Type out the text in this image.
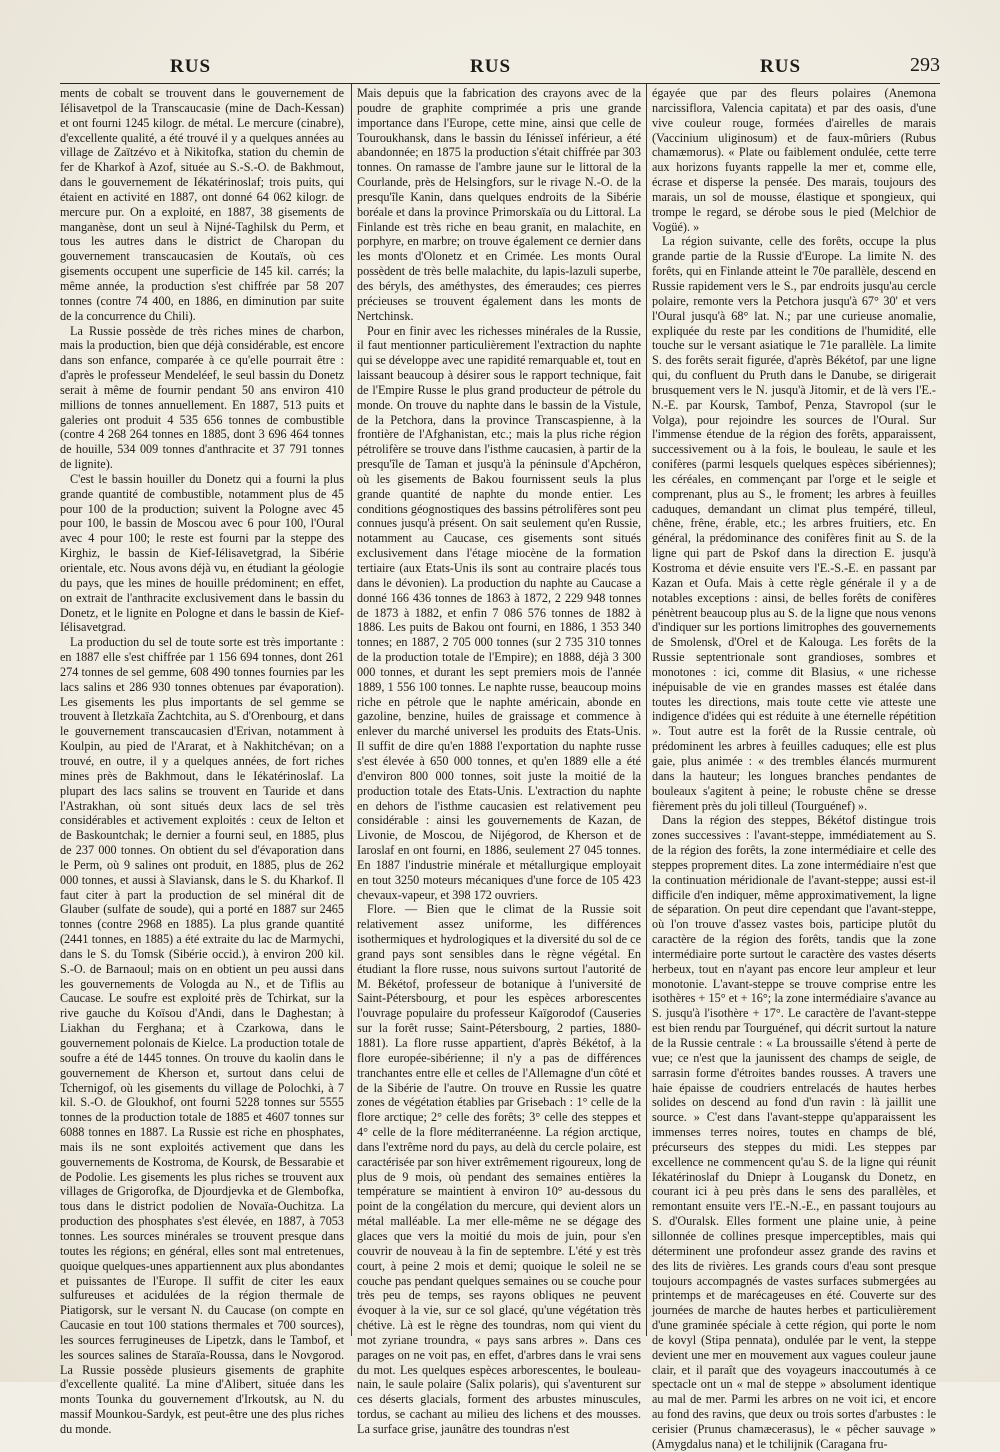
RUS	RUS	RUS	293

ments de cobalt se trouvent dans le gouvernement de Iélisavetpol de la Transcaucasie (mine de Dach-Kessan) et ont fourni 1245 kilogr. de métal. Le mercure (cinabre), d'excellente qualité, a été trouvé il y a quelques années au village de Zaïtzévo et à Nikitofka, station du chemin de fer de Kharkof à Azof, située au S.-S.-O. de Bakhmout, dans le gouvernement de Iékatérinoslaf; trois puits, qui étaient en activité en 1887, ont donné 64 062 kilogr. de mercure pur. On a exploité, en 1887, 38 gisements de manganèse, dont un seul à Nijné-Taghilsk du Perm, et tous les autres dans le district de Charopan du gouvernement transcaucasien de Koutaïs, où ces gisements occupent une superficie de 145 kil. carrés; la même année, la production s'est chiffrée par 58 207 tonnes (contre 74 400, en 1886, en diminution par suite de la concurrence du Chili).

La Russie possède de très riches mines de charbon, mais la production, bien que déjà considérable, est encore dans son enfance, comparée à ce qu'elle pourrait être : d'après le professeur Mendeléef, le seul bassin du Donetz serait à même de fournir pendant 50 ans environ 410 millions de tonnes annuellement. En 1887, 513 puits et galeries ont produit 4 535 656 tonnes de combustible (contre 4 268 264 tonnes en 1885, dont 3 696 464 tonnes de houille, 534 009 tonnes d'anthracite et 37 791 tonnes de lignite).

C'est le bassin houiller du Donetz qui a fourni la plus grande quantité de combustible, notamment plus de 45 pour 100 de la production; suivent la Pologne avec 45 pour 100, le bassin de Moscou avec 6 pour 100, l'Oural avec 4 pour 100; le reste est fourni par la steppe des Kirghiz, le bassin de Kief-Iélisavetgrad, la Sibérie orientale, etc. Nous avons déjà vu, en étudiant la géologie du pays, que les mines de houille prédominent; en effet, on extrait de l'anthracite exclusivement dans le bassin du Donetz, et le lignite en Pologne et dans le bassin de Kief-Iélisavetgrad.

La production du sel de toute sorte est très importante : en 1887 elle s'est chiffrée par 1 156 694 tonnes, dont 261 274 tonnes de sel gemme, 608 490 tonnes fournies par les lacs salins et 286 930 tonnes obtenues par évaporation). Les gisements les plus importants de sel gemme se trouvent à Iletzkaïa Zachtchita, au S. d'Orenbourg, et dans le gouvernement transcaucasien d'Erivan, notamment à Koulpin, au pied de l'Ararat, et à Nakhitchévan; on a trouvé, en outre, il y a quelques années, de fort riches mines près de Bakhmout, dans le Iékatérinoslaf. La plupart des lacs salins se trouvent en Tauride et dans l'Astrakhan, où sont situés deux lacs de sel très considérables et activement exploités : ceux de Ielton et de Baskountchak; le dernier a fourni seul, en 1885, plus de 237 000 tonnes. On obtient du sel d'évaporation dans le Perm, où 9 salines ont produit, en 1885, plus de 262 000 tonnes, et aussi à Slaviansk, dans le S. du Kharkof. Il faut citer à part la production de sel minéral dit de Glauber (sulfate de soude), qui a porté en 1887 sur 2465 tonnes (contre 2968 en 1885). La plus grande quantité (2441 tonnes, en 1885) a été extraite du lac de Marmychi, dans le S. du Tomsk (Sibérie occid.), à environ 200 kil. S.-O. de Barnaoul; mais on en obtient un peu aussi dans les gouvernements de Vologda au N., et de Tiflis au Caucase. Le soufre est exploité près de Tchirkat, sur la rive gauche du Koïsou d'Andi, dans le Daghestan; à Liakhan du Ferghana; et à Czarkowa, dans le gouvernement polonais de Kielce. La production totale de soufre a été de 1445 tonnes. On trouve du kaolin dans le gouvernement de Kherson et, surtout dans celui de Tchernigof, où les gisements du village de Polochki, à 7 kil. S.-O. de Gloukhof, ont fourni 5228 tonnes sur 5555 tonnes de la production totale de 1885 et 4607 tonnes sur 6088 tonnes en 1887. La Russie est riche en phosphates, mais ils ne sont exploités activement que dans les gouvernements de Kostroma, de Koursk, de Bessarabie et de Podolie. Les gisements les plus riches se trouvent aux villages de Grigorofka, de Djourdjevka et de Glembofka, tous dans le district podolien de Novaïa-Ouchitza. La production des phosphates s'est élevée, en 1887, à 7053 tonnes. Les sources minérales se trouvent presque dans toutes les régions; en général, elles sont mal entretenues, quoique quelques-unes appartiennent aux plus abondantes et puissantes de l'Europe. Il suffit de citer les eaux sulfureuses et acidulées de la région thermale de Piatigorsk, sur le versant N. du Caucase (on compte en Caucasie en tout 100 stations thermales et 700 sources), les sources ferrugineuses de Lipetzk, dans le Tambof, et les sources salines de Staraïa-Roussa, dans le Novgorod. La Russie possède plusieurs gisements de graphite d'excellente qualité. La mine d'Alibert, située dans les monts Tounka du gouvernement d'Irkoutsk, au N. du massif Mounkou-Sardyk, est peut-être une des plus riches du monde.

Mais depuis que la fabrication des crayons avec de la poudre de graphite comprimée a pris une grande importance dans l'Europe, cette mine, ainsi que celle de Touroukhansk, dans le bassin du Iénisseï inférieur, a été abandonnée; en 1875 la production s'était chiffrée par 303 tonnes. On ramasse de l'ambre jaune sur le littoral de la Courlande, près de Helsingfors, sur le rivage N.-O. de la presqu'île Kanin, dans quelques endroits de la Sibérie boréale et dans la province Primorskaïa ou du Littoral. La Finlande est très riche en beau granit, en malachite, en porphyre, en marbre; on trouve également ce dernier dans les monts d'Olonetz et en Crimée. Les monts Oural possèdent de très belle malachite, du lapis-lazuli superbe, des béryls, des améthystes, des émeraudes; ces pierres précieuses se trouvent également dans les monts de Nertchinsk.

Pour en finir avec les richesses minérales de la Russie, il faut mentionner particulièrement l'extraction du naphte qui se développe avec une rapidité remarquable et, tout en laissant beaucoup à désirer sous le rapport technique, fait de l'Empire Russe le plus grand producteur de pétrole du monde. On trouve du naphte dans le bassin de la Vistule, de la Petchora, dans la province Transcaspienne, à la frontière de l'Afghanistan, etc.; mais la plus riche région pétrolifère se trouve dans l'isthme caucasien, à partir de la presqu'île de Taman et jusqu'à la péninsule d'Apchéron, où les gisements de Bakou fournissent seuls la plus grande quantité de naphte du monde entier. Les conditions géognostiques des bassins pétrolifères sont peu connues jusqu'à présent. On sait seulement qu'en Russie, notamment au Caucase, ces gisements sont situés exclusivement dans l'étage miocène de la formation tertiaire (aux Etats-Unis ils sont au contraire placés tous dans le dévonien). La production du naphte au Caucase a donné 166 436 tonnes de 1863 à 1872, 2 229 948 tonnes de 1873 à 1882, et enfin 7 086 576 tonnes de 1882 à 1886. Les puits de Bakou ont fourni, en 1886, 1 353 340 tonnes; en 1887, 2 705 000 tonnes (sur 2 735 310 tonnes de la production totale de l'Empire); en 1888, déjà 3 300 000 tonnes, et durant les sept premiers mois de l'année 1889, 1 556 100 tonnes. Le naphte russe, beaucoup moins riche en pétrole que le naphte américain, abonde en gazoline, benzine, huiles de graissage et commence à enlever du marché universel les produits des Etats-Unis. Il suffit de dire qu'en 1888 l'exportation du naphte russe s'est élevée à 650 000 tonnes, et qu'en 1889 elle a été d'environ 800 000 tonnes, soit juste la moitié de la production totale des Etats-Unis. L'extraction du naphte en dehors de l'isthme caucasien est relativement peu considérable : ainsi les gouvernements de Kazan, de Livonie, de Moscou, de Nijégorod, de Kherson et de Iaroslaf en ont fourni, en 1886, seulement 27 045 tonnes. En 1887 l'industrie minérale et métallurgique employait en tout 3250 moteurs mécaniques d'une force de 105 423 chevaux-vapeur, et 398 172 ouvriers.

Flore. — Bien que le climat de la Russie soit relativement assez uniforme, les différences isothermiques et hydrologiques et la diversité du sol de ce grand pays sont sensibles dans le règne végétal. En étudiant la flore russe, nous suivons surtout l'autorité de M. Békétof, professeur de botanique à l'université de Saint-Pétersbourg, et pour les espèces arborescentes l'ouvrage populaire du professeur Kaïgorodof (Causeries sur la forêt russe; Saint-Pétersbourg, 2 parties, 1880-1881). La flore russe appartient, d'après Békétof, à la flore europée-sibérienne; il n'y a pas de différences tranchantes entre elle et celles de l'Allemagne d'un côté et de la Sibérie de l'autre. On trouve en Russie les quatre zones de végétation établies par Grisebach : 1° celle de la flore arctique; 2° celle des forêts; 3° celle des steppes et 4° celle de la flore méditerranéenne. La région arctique, dans l'extrême nord du pays, au delà du cercle polaire, est caractérisée par son hiver extrêmement rigoureux, long de plus de 9 mois, où pendant des semaines entières la température se maintient à environ 10° au-dessous du point de la congélation du mercure, qui devient alors un métal malléable. La mer elle-même ne se dégage des glaces que vers la moitié du mois de juin, pour s'en couvrir de nouveau à la fin de septembre. L'été y est très court, à peine 2 mois et demi; quoique le soleil ne se couche pas pendant quelques semaines ou se couche pour très peu de temps, ses rayons obliques ne peuvent évoquer à la vie, sur ce sol glacé, qu'une végétation très chétive. Là est le règne des toundras, nom qui vient du mot zyriane troundra, « pays sans arbres ». Dans ces parages on ne voit pas, en effet, d'arbres dans le vrai sens du mot. Les quelques espèces arborescentes, le bouleau-nain, le saule polaire (Salix polaris), qui s'aventurent sur ces déserts glacials, forment des arbustes minuscules, tordus, se cachant au milieu des lichens et des mousses. La surface grise, jaunâtre des toundras n'est

égayée que par des fleurs polaires (Anemona narcissiflora, Valencia capitata) et par des oasis, d'une vive couleur rouge, formées d'airelles de marais (Vaccinium uliginosum) et de faux-mûriers (Rubus chamæmorus). « Plate ou faiblement ondulée, cette terre aux horizons fuyants rappelle la mer et, comme elle, écrase et disperse la pensée. Des marais, toujours des marais, un sol de mousse, élastique et spongieux, qui trompe le regard, se dérobe sous le pied (Melchior de Vogüé). »

La région suivante, celle des forêts, occupe la plus grande partie de la Russie d'Europe. La limite N. des forêts, qui en Finlande atteint le 70e parallèle, descend en Russie rapidement vers le S., par endroits jusqu'au cercle polaire, remonte vers la Petchora jusqu'à 67° 30' et vers l'Oural jusqu'à 68° lat. N.; par une curieuse anomalie, expliquée du reste par les conditions de l'humidité, elle touche sur le versant asiatique le 71e parallèle. La limite S. des forêts serait figurée, d'après Békétof, par une ligne qui, du confluent du Pruth dans le Danube, se dirigerait brusquement vers le N. jusqu'à Jitomir, et de là vers l'E.-N.-E. par Koursk, Tambof, Penza, Stavropol (sur le Volga), pour rejoindre les sources de l'Oural. Sur l'immense étendue de la région des forêts, apparaissent, successivement ou à la fois, le bouleau, le saule et les conifères (parmi lesquels quelques espèces sibériennes); les céréales, en commençant par l'orge et le seigle et comprenant, plus au S., le froment; les arbres à feuilles caduques, demandant un climat plus tempéré, tilleul, chêne, frêne, érable, etc.; les arbres fruitiers, etc. En général, la prédominance des conifères finit au S. de la ligne qui part de Pskof dans la direction E. jusqu'à Kostroma et dévie ensuite vers l'E.-S.-E. en passant par Kazan et Oufa. Mais à cette règle générale il y a de notables exceptions : ainsi, de belles forêts de conifères pénètrent beaucoup plus au S. de la ligne que nous venons d'indiquer sur les portions limitrophes des gouvernements de Smolensk, d'Orel et de Kalouga. Les forêts de la Russie septentrionale sont grandioses, sombres et monotones : ici, comme dit Blasius, « une richesse inépuisable de vie en grandes masses est étalée dans toutes les directions, mais toute cette vie atteste une indigence d'idées qui est réduite à une éternelle répétition ». Tout autre est la forêt de la Russie centrale, où prédominent les arbres à feuilles caduques; elle est plus gaie, plus animée : « des trembles élancés murmurent dans la hauteur; les longues branches pendantes de bouleaux s'agitent à peine; le robuste chêne se dresse fièrement près du joli tilleul (Tourguénef) ».

Dans la région des steppes, Békétof distingue trois zones successives : l'avant-steppe, immédiatement au S. de la région des forêts, la zone intermédiaire et celle des steppes proprement dites. La zone intermédiaire n'est que la continuation méridionale de l'avant-steppe; aussi est-il difficile d'en indiquer, même approximativement, la ligne de séparation. On peut dire cependant que l'avant-steppe, où l'on trouve d'assez vastes bois, participe plutôt du caractère de la région des forêts, tandis que la zone intermédiaire porte surtout le caractère des vastes déserts herbeux, tout en n'ayant pas encore leur ampleur et leur monotonie. L'avant-steppe se trouve comprise entre les isothères + 15° et + 16°; la zone intermédiaire s'avance au S. jusqu'à l'isothère + 17°. Le caractère de l'avant-steppe est bien rendu par Tourguénef, qui décrit surtout la nature de la Russie centrale : « La broussaille s'étend à perte de vue; ce n'est que la jaunissent des champs de seigle, de sarrasin forme d'étroites bandes rousses. A travers une haie épaisse de coudriers entrelacés de hautes herbes solides on descend au fond d'un ravin : là jaillit une source. » C'est dans l'avant-steppe qu'apparaissent les immenses terres noires, toutes en champs de blé, précurseurs des steppes du midi. Les steppes par excellence ne commencent qu'au S. de la ligne qui réunit Iékatérinoslaf du Dniepr à Lougansk du Donetz, en courant ici à peu près dans le sens des parallèles, et remontant ensuite vers l'E.-N.-E., en passant toujours au S. d'Ouralsk. Elles forment une plaine unie, à peine sillonnée de collines presque imperceptibles, mais qui déterminent une profondeur assez grande des ravins et des lits de rivières. Les grands cours d'eau sont presque toujours accompagnés de vastes surfaces submergées au printemps et de marécageuses en été. Couverte sur des journées de marche de hautes herbes et particulièrement d'une graminée spéciale à cette région, qui porte le nom de kovyl (Stipa pennata), ondulée par le vent, la steppe devient une mer en mouvement aux vagues couleur jaune clair, et il paraît que des voyageurs inaccoutumés à ce spectacle ont un « mal de steppe » absolument identique au mal de mer. Parmi les arbres on ne voit ici, et encore au fond des ravins, que deux ou trois sortes d'arbustes : le cerisier (Prunus chamæcerasus), le « pêcher sauvage » (Amygdalus nana) et le tchilijnik (Caragana fru-
